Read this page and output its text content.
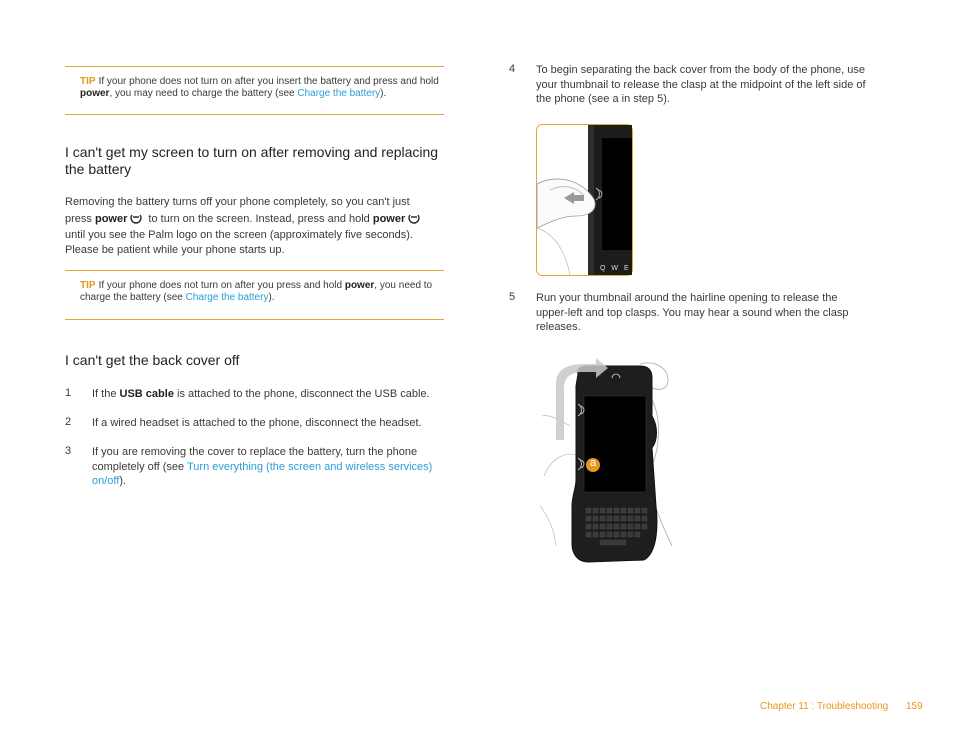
TIP If your phone does not turn on after you insert the battery and press and hold power, you may need to charge the battery (see Charge the battery).
I can't get my screen to turn on after removing and replacing the battery
Removing the battery turns off your phone completely, so you can't just
press power to turn on the screen. Instead, press and hold power
until you see the Palm logo on the screen (approximately five seconds).
Please be patient while your phone starts up.
TIP If your phone does not turn on after you press and hold power, you need to charge the battery (see Charge the battery).
I can't get the back cover off
1 If the USB cable is attached to the phone, disconnect the USB cable.
2 If a wired headset is attached to the phone, disconnect the headset.
3 If you are removing the cover to replace the battery, turn the phone
completely off (see Turn everything (the screen and wireless services)
on/off).
4 To begin separating the back cover from the body of the phone, use
your thumbnail to release the clasp at the midpoint of the left side of
the phone (see a in step 5).
Q W E
5 Run your thumbnail around the hairline opening to release the
upper-left and top clasps. You may hear a sound when the clasp
releases.
a
Chapter 11 : Troubleshooting 159
